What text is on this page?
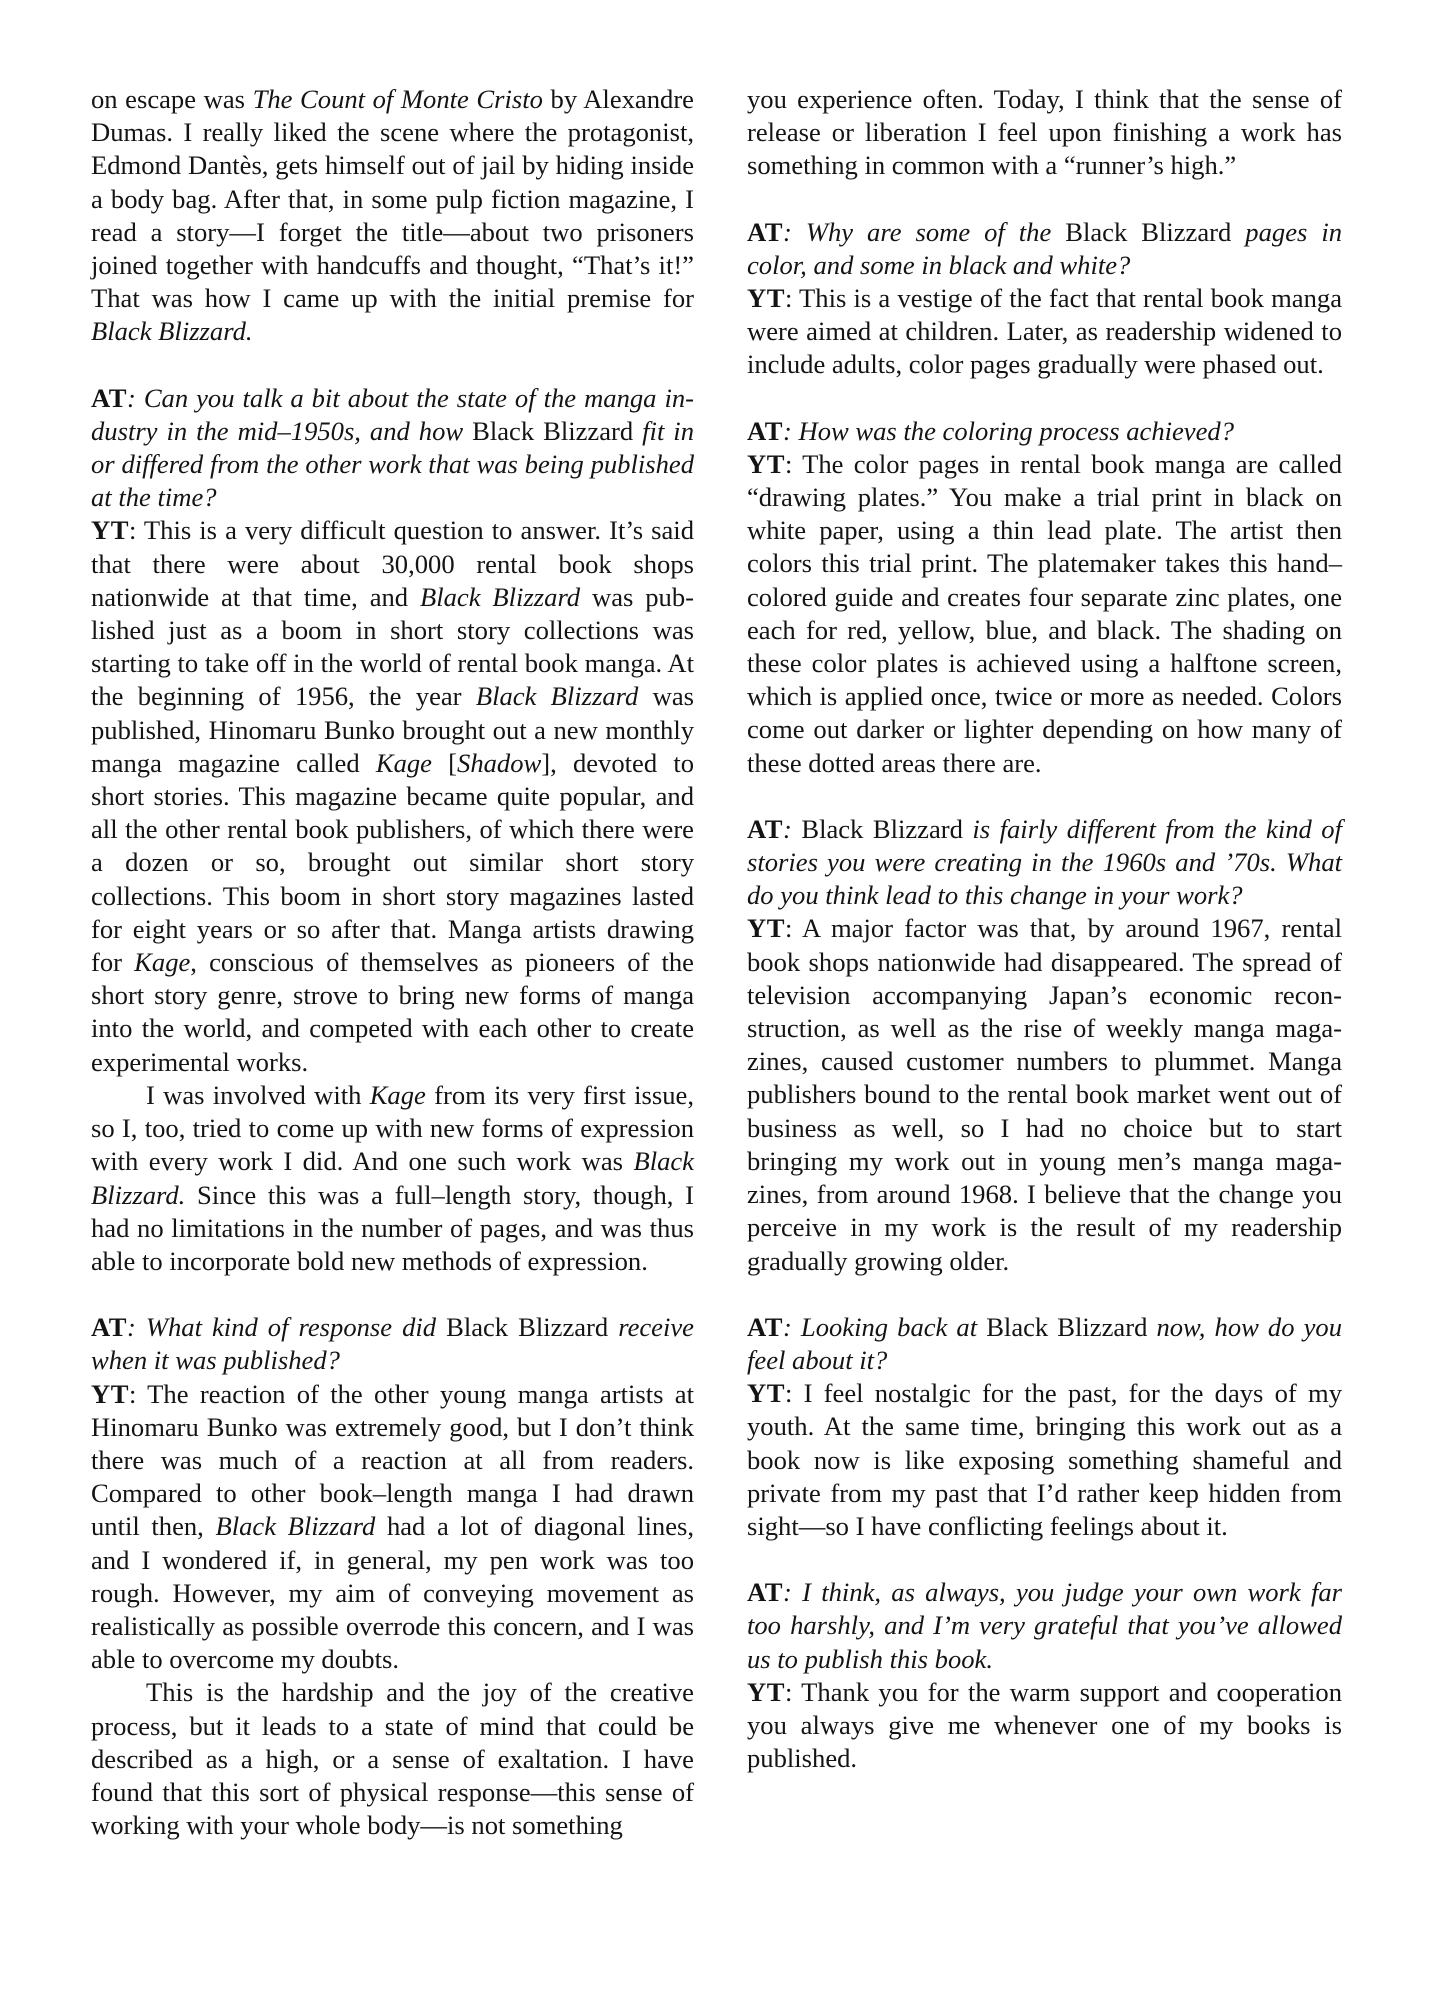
on escape was The Count of Monte Cristo by Alexandre Dumas. I really liked the scene where the protagonist, Edmond Dantès, gets himself out of jail by hiding inside a body bag. After that, in some pulp fiction magazine, I read a story—I forget the title—about two prisoners joined together with handcuffs and thought, “That’s it!” That was how I came up with the initial premise for Black Blizzard.

AT: Can you talk a bit about the state of the manga industry in the mid–1950s, and how Black Blizzard fit in or differed from the other work that was being published at the time?

YT: This is a very difficult question to answer. It’s said that there were about 30,000 rental book shops nationwide at that time, and Black Blizzard was published just as a boom in short story collections was starting to take off in the world of rental book manga. At the beginning of 1956, the year Black Blizzard was published, Hinomaru Bunko brought out a new monthly manga magazine called Kage [Shadow], devoted to short stories. This magazine became quite popular, and all the other rental book publishers, of which there were a dozen or so, brought out similar short story collections. This boom in short story magazines lasted for eight years or so after that. Manga artists drawing for Kage, conscious of themselves as pioneers of the short story genre, strove to bring new forms of manga into the world, and competed with each other to create experimental works.

I was involved with Kage from its very first issue, so I, too, tried to come up with new forms of expression with every work I did. And one such work was Black Blizzard. Since this was a full–length story, though, I had no limitations in the number of pages, and was thus able to incorporate bold new methods of expression.

AT: What kind of response did Black Blizzard receive when it was published?

YT: The reaction of the other young manga artists at Hinomaru Bunko was extremely good, but I don’t think there was much of a reaction at all from readers. Compared to other book–length manga I had drawn until then, Black Blizzard had a lot of diagonal lines, and I wondered if, in general, my pen work was too rough. However, my aim of conveying movement as realistically as possible overrode this concern, and I was able to overcome my doubts.

This is the hardship and the joy of the creative process, but it leads to a state of mind that could be described as a high, or a sense of exaltation. I have found that this sort of physical response—this sense of working with your whole body—is not something

you experience often. Today, I think that the sense of release or liberation I feel upon finishing a work has something in common with a “runner’s high.”

AT: Why are some of the Black Blizzard pages in color, and some in black and white?

YT: This is a vestige of the fact that rental book manga were aimed at children. Later, as readership widened to include adults, color pages gradually were phased out.

AT: How was the coloring process achieved?

YT: The color pages in rental book manga are called “drawing plates.” You make a trial print in black on white paper, using a thin lead plate. The artist then colors this trial print. The platemaker takes this hand–colored guide and creates four separate zinc plates, one each for red, yellow, blue, and black. The shading on these color plates is achieved using a halftone screen, which is applied once, twice or more as needed. Colors come out darker or lighter depending on how many of these dotted areas there are.

AT: Black Blizzard is fairly different from the kind of stories you were creating in the 1960s and ’70s. What do you think lead to this change in your work?

YT: A major factor was that, by around 1967, rental book shops nationwide had disappeared. The spread of television accompanying Japan’s economic reconstruction, as well as the rise of weekly manga magazines, caused customer numbers to plummet. Manga publishers bound to the rental book market went out of business as well, so I had no choice but to start bringing my work out in young men’s manga magazines, from around 1968. I believe that the change you perceive in my work is the result of my readership gradually growing older.

AT: Looking back at Black Blizzard now, how do you feel about it?

YT: I feel nostalgic for the past, for the days of my youth. At the same time, bringing this work out as a book now is like exposing something shameful and private from my past that I’d rather keep hidden from sight—so I have conflicting feelings about it.

AT: I think, as always, you judge your own work far too harshly, and I’m very grateful that you’ve allowed us to publish this book.

YT: Thank you for the warm support and cooperation you always give me whenever one of my books is published.
